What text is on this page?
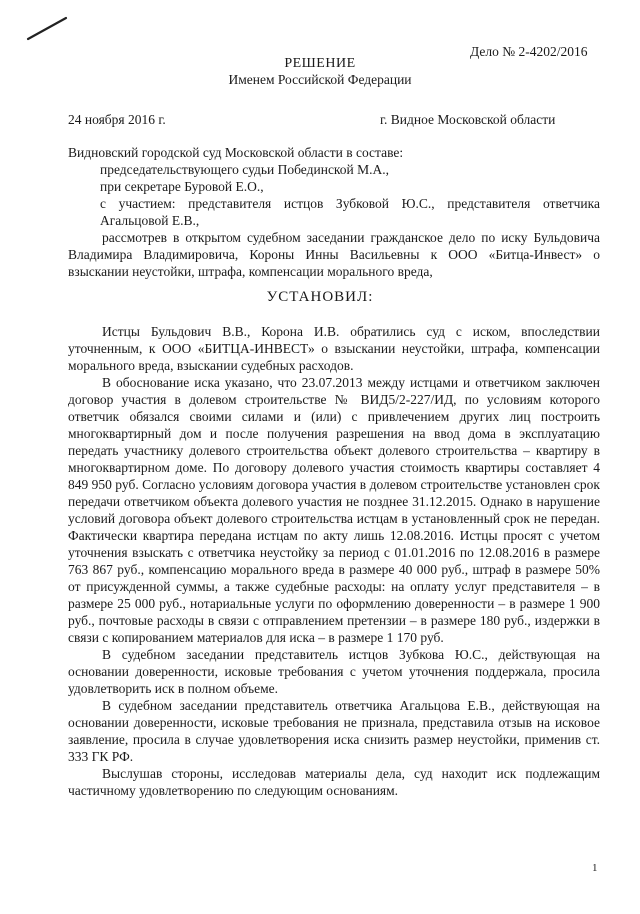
Дело № 2-4202/2016
РЕШЕНИЕ
Именем Российской Федерации
24 ноября 2016 г.	г. Видное Московской области

Видновский городской суд Московской области в составе:

председательствующего судьи Побединской М.А.,

при секретаре Буровой Е.О.,

с участием: представителя истцов Зубковой Ю.С., представителя ответчика Агальцовой Е.В.,

рассмотрев в открытом судебном заседании гражданское дело по иску Бульдовича Владимира Владимировича, Короны Инны Васильевны к ООО «Битца-Инвест» о взыскании неустойки, штрафа, компенсации морального вреда,

УСТАНОВИЛ:

Истцы Бульдович В.В., Корона И.В. обратились суд с иском, впоследствии уточненным, к ООО «БИТЦА-ИНВЕСТ» о взыскании неустойки, штрафа, компенсации морального вреда, взыскании судебных расходов.

В обоснование иска указано, что 23.07.2013 между истцами и ответчиком заключен договор участия в долевом строительстве № ВИД5/2-227/ИД, по условиям которого ответчик обязался своими силами и (или) с привлечением других лиц построить многоквартирный дом и после получения разрешения на ввод дома в эксплуатацию передать участнику долевого строительства объект долевого строительства – квартиру в многоквартирном доме. По договору долевого участия стоимость квартиры составляет 4 849 950 руб. Согласно условиям договора участия в долевом строительстве установлен срок передачи ответчиком объекта долевого участия не позднее 31.12.2015. Однако в нарушение условий договора объект долевого строительства истцам в установленный срок не передан. Фактически квартира передана истцам по акту лишь 12.08.2016. Истцы просят с учетом уточнения взыскать с ответчика неустойку за период с 01.01.2016 по 12.08.2016 в размере 763 867 руб., компенсацию морального вреда в размере 40 000 руб., штраф в размере 50% от присужденной суммы, а также судебные расходы: на оплату услуг представителя – в размере 25 000 руб., нотариальные услуги по оформлению доверенности – в размере 1 900 руб., почтовые расходы в связи с отправлением претензии – в размере 180 руб., издержки в связи с копированием материалов для иска – в размере 1 170 руб.

В судебном заседании представитель истцов Зубкова Ю.С., действующая на основании доверенности, исковые требования с учетом уточнения поддержала, просила удовлетворить иск в полном объеме.

В судебном заседании представитель ответчика Агальцова Е.В., действующая на основании доверенности, исковые требования не признала, представила отзыв на исковое заявление, просила в случае удовлетворения иска снизить размер неустойки, применив ст. 333 ГК РФ.

Выслушав стороны, исследовав материалы дела, суд находит иск подлежащим частичному удовлетворению по следующим основаниям.

1
